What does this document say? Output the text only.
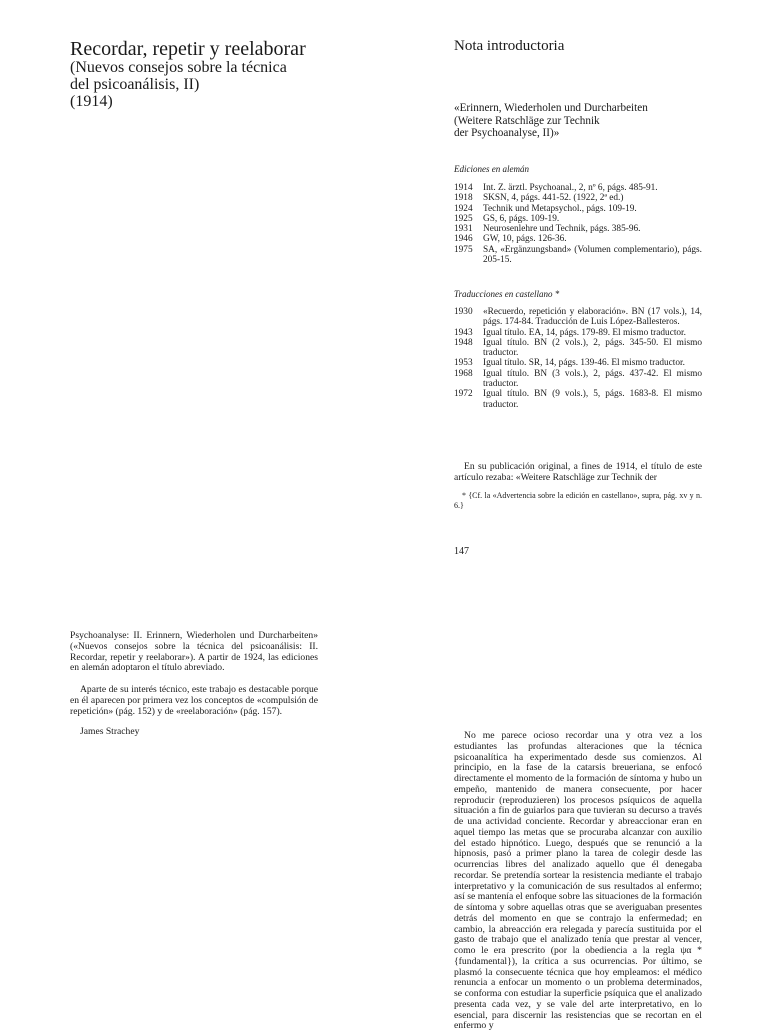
Recordar, repetir y reelaborar
(Nuevos consejos sobre la técnica
del psicoanálisis, II)
(1914)
Nota introductoria
«Erinnern, Wiederholen und Durcharbeiten
(Weitere Ratschläge zur Technik
der Psychoanalyse, II)»
Ediciones en alemán
1914	Int. Z. ärztl. Psychoanal., 2, nº 6, págs. 485-91.
1918	SKSN, 4, págs. 441-52. (1922, 2ª ed.)
1924	Technik und Metapsychol., págs. 109-19.
1925	GS, 6, págs. 109-19.
1931	Neurosenlehre und Technik, págs. 385-96.
1946	GW, 10, págs. 126-36.
1975	SA, «Ergänzungsband» (Volumen complementario), págs. 205-15.
Traducciones en castellano *
1930	«Recuerdo, repetición y elaboración». BN (17 vols.), 14, págs. 174-84. Traducción de Luis López-Ballesteros.
1943	Igual título. EA, 14, págs. 179-89. El mismo traductor.
1948	Igual título. BN (2 vols.), 2, págs. 345-50. El mismo traductor.
1953	Igual título. SR, 14, págs. 139-46. El mismo traductor.
1968	Igual título. BN (3 vols.), 2, págs. 437-42. El mismo traductor.
1972	Igual título. BN (9 vols.), 5, págs. 1683-8. El mismo traductor.
En su publicación original, a fines de 1914, el título de este artículo rezaba: «Weitere Ratschläge zur Technik der
* {Cf. la «Advertencia sobre la edición en castellano», supra, pág. xv y n. 6.}
147
Psychoanalyse: II. Erinnern, Wiederholen und Durcharbeiten» («Nuevos consejos sobre la técnica del psicoanálisis: II. Recordar, repetir y reelaborar»). A partir de 1924, las ediciones en alemán adoptaron el título abreviado.
Aparte de su interés técnico, este trabajo es destacable porque en él aparecen por primera vez los conceptos de «compulsión de repetición» (pág. 152) y de «reelaboración» (pág. 157).
James Strachey	No me parece ocioso recordar una y otra vez a los estudiantes las profundas alteraciones que la técnica psicoanalítica ha experimentado desde sus comienzos. Al principio, en la fase de la catarsis breueriana, se enfocó directamente el momento de la formación de síntoma y hubo un empeño, mantenido de manera consecuente, por hacer reproducir (reproduzieren) los procesos psíquicos de aquella situación a fin de guiarlos para que tuvieran su decurso a través de una actividad conciente. Recordar y abreaccionar eran en aquel tiempo las metas que se procuraba alcanzar con auxilio del estado hipnótico. Luego, después que se renunció a la hipnosis, pasó a primer plano la tarea de colegir desde las ocurrencias libres del analizado aquello que él denegaba recordar. Se pretendía sortear la resistencia mediante el trabajo interpretativo y la comunicación de sus resultados al enfermo; así se mantenía el enfoque sobre las situaciones de la formación de síntoma y sobre aquellas otras que se averiguaban presentes detrás del momento en que se contrajo la enfermedad; en cambio, la abreacción era relegada y parecía sustituida por el gasto de trabajo que el analizado tenía que prestar al vencer, como le era prescrito (por la obediencia a la regla ψα * {fundamental}), la crítica a sus ocurrencias. Por último, se plasmó la consecuente técnica que hoy empleamos: el médico renuncia a enfocar un momento o un problema determinados, se conforma con estudiar la superficie psíquica que el analizado presenta cada vez, y se vale del arte interpretativo, en lo esencial, para discernir las resistencias que se recortan en el enfermo y
